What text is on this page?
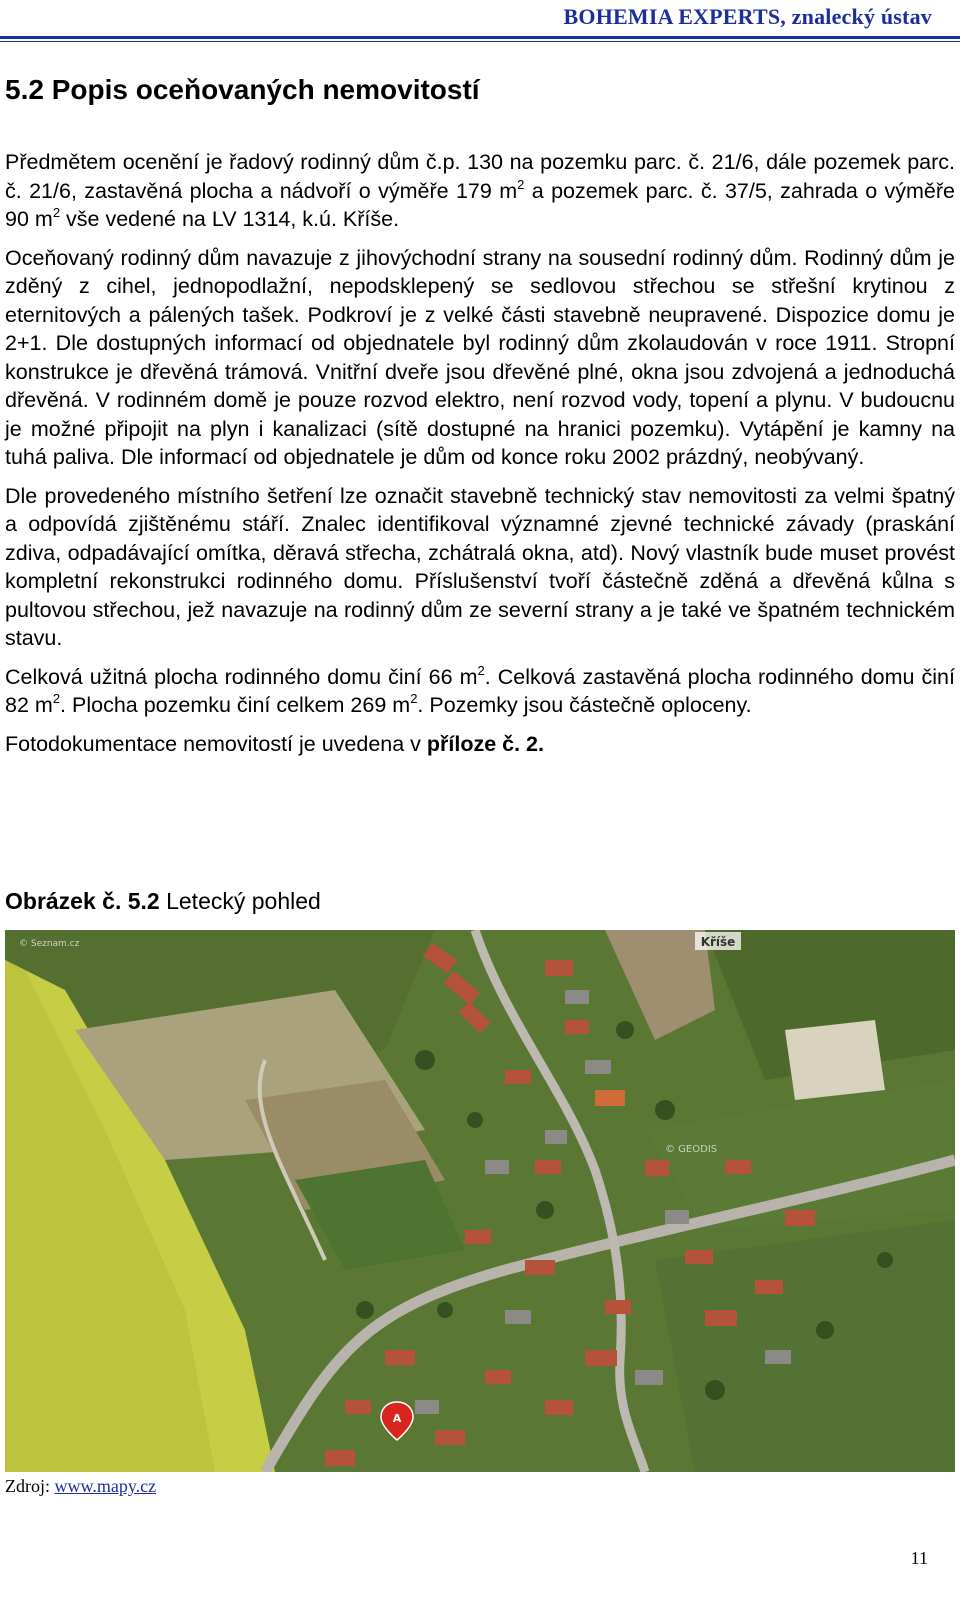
BOHEMIA EXPERTS, znalecký ústav
5.2 Popis oceňovaných nemovitostí

Předmětem ocenění je řadový rodinný dům č.p. 130 na pozemku parc. č. 21/6, dále pozemek parc. č. 21/6, zastavěná plocha a nádvoří o výměře 179 $m^2$ a pozemek parc. č. 37/5, zahrada o výměře 90 $m^2$ vše vedené na LV 1314, k.ú. Kříše.

Oceňovaný rodinný dům navazuje z jihovýchodní strany na sousední rodinný dům. Rodinný dům je zděný z cihel, jednopodlažní, nepodsklepený se sedlovou střechou se střešní krytinou z eternitových a pálených tašek. Podkroví je z velké části stavebně neupravené. Dispozice domu je 2+1. Dle dostupných informací od objednatele byl rodinný dům zkolaudován v roce 1911. Stropní konstrukce je dřevěná trámová. Vnitřní dveře jsou dřevěné plné, okna jsou zdvojená a jednoduchá dřevěná. V rodinném domě je pouze rozvod elektro, není rozvod vody, topení a plynu. V budoucnu je možné připojit na plyn i kanalizaci (sítě dostupné na hranici pozemku). Vytápění je kamny na tuhá paliva. Dle informací od objednatele je dům od konce roku 2002 prázdný, neobývaný.

Dle provedeného místního šetření lze označit stavebně technický stav nemovitosti za velmi špatný a odpovídá zjištěnému stáří. Znalec identifikoval významné zjevné technické závady (praskání zdiva, odpadávající omítka, děravá střecha, zchátralá okna, atd). Nový vlastník bude muset provést kompletní rekonstrukci rodinného domu. Příslušenství tvoří částečně zděná a dřevěná kůlna s pultovou střechou, jež navazuje na rodinný dům ze severní strany a je také ve špatném technickém stavu.

Celková užitná plocha rodinného domu činí 66 $m^2$. Celková zastavěná plocha rodinného domu činí 82 $m^2$. Plocha pozemku činí celkem 269 $m^2$. Pozemky jsou částečně oploceny.

Fotodokumentace nemovitostí je uvedena v příloze č. 2.

Obrázek č. 5.2 Letecký pohled
A
Kříše
© Seznam.cz
© GEODIS
Zdroj: www.mapy.cz
11
